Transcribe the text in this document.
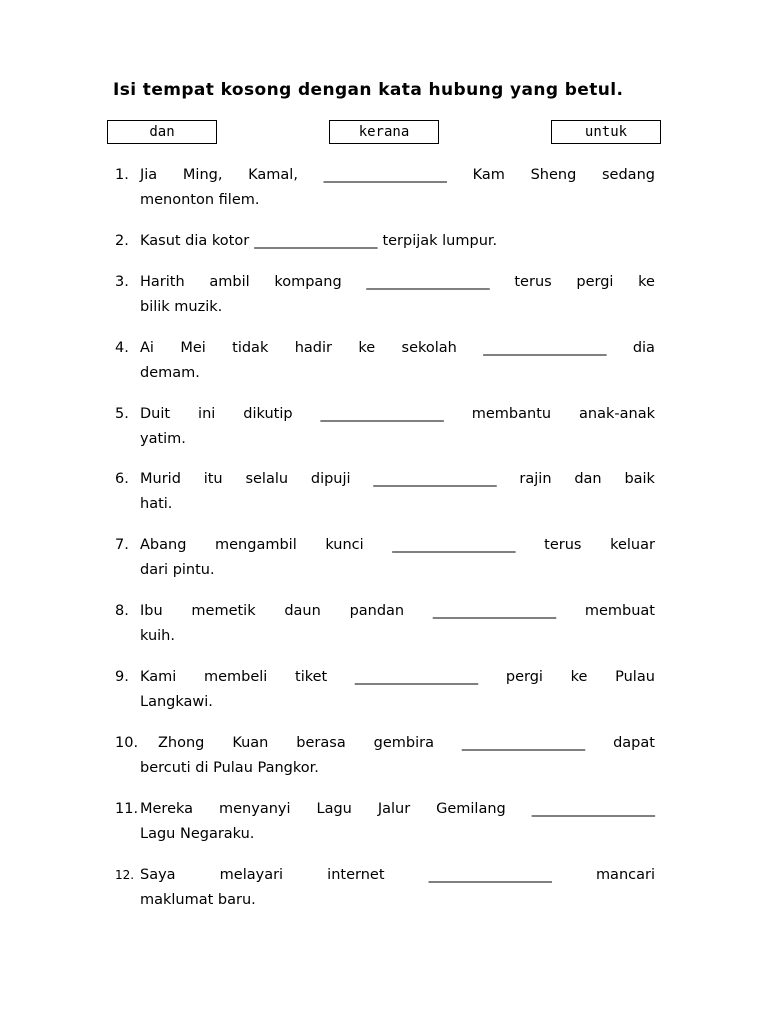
Isi tempat kosong dengan kata hubung yang betul.
dan	kerana	untuk
1. Jia Ming, Kamal, _________________ Kam Sheng sedang
menonton filem.
2. Kasut dia kotor _________________ terpijak lumpur.
3. Harith ambil kompang _________________ terus pergi ke
bilik muzik.
4. Ai Mei tidak hadir ke sekolah _________________ dia
demam.
5. Duit ini dikutip _________________ membantu anak-anak
yatim.
6. Murid itu selalu dipuji _________________ rajin dan baik
hati.
7. Abang mengambil kunci _________________ terus keluar
dari pintu.
8. Ibu memetik daun pandan _________________ membuat
kuih.
9. Kami membeli tiket _________________ pergi ke Pulau
Langkawi.
10. Zhong Kuan berasa gembira _________________ dapat
bercuti di Pulau Pangkor.
11. Mereka menyanyi Lagu Jalur Gemilang _________________
Lagu Negaraku.
12. Saya	melayari	internet	_________________	mancari
maklumat baru.
